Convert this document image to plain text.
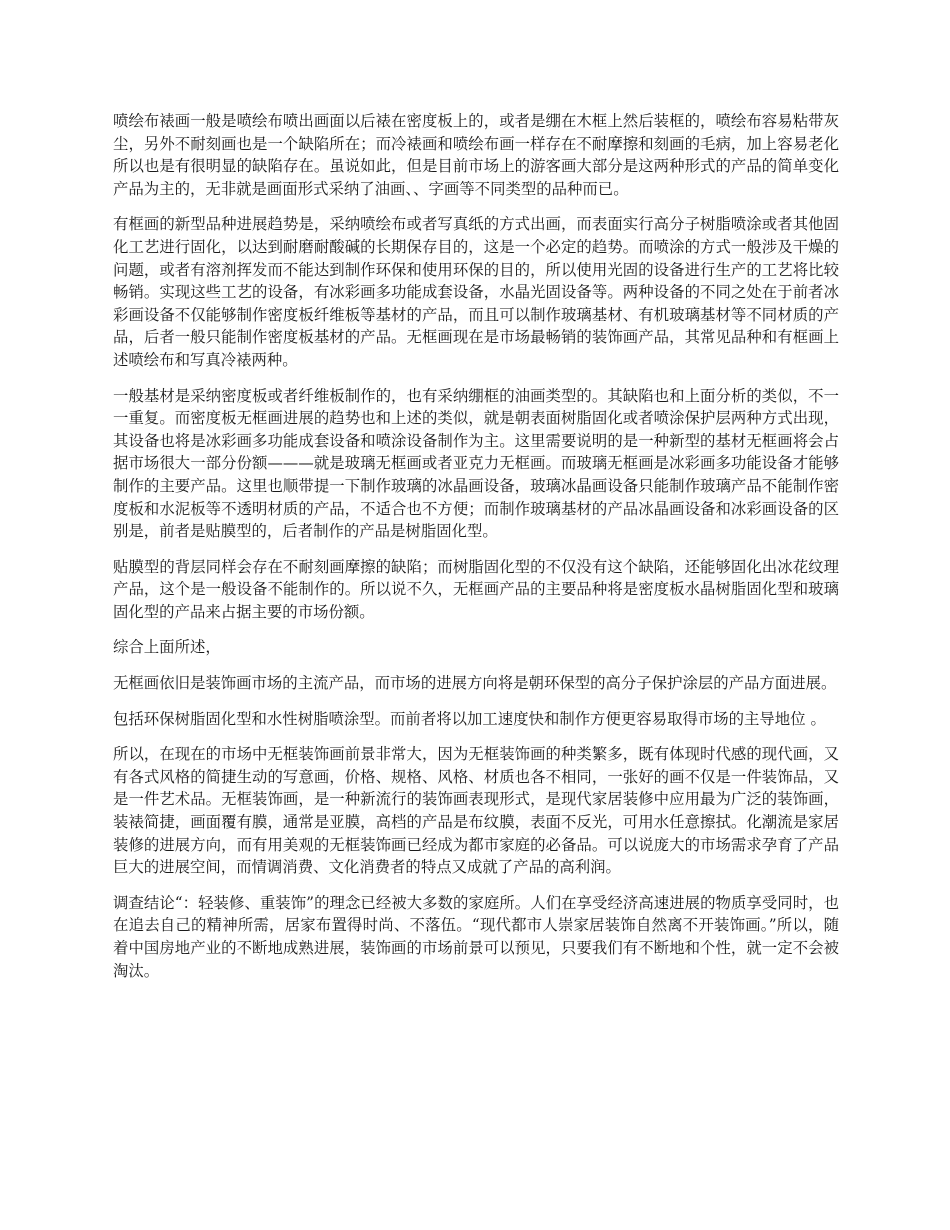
喷绘布裱画一般是喷绘布喷出画面以后裱在密度板上的，或者是绷在木框上然后装框的，喷绘布容易粘带灰尘，另外不耐刻画也是一个缺陷所在；而冷裱画和喷绘布画一样存在不耐摩擦和刻画的毛病，加上容易老化所以也是有很明显的缺陷存在。虽说如此，但是目前市场上的游客画大部分是这两种形式的产品的简单变化产品为主的，无非就是画面形式采纳了油画、、字画等不同类型的品种而已。

有框画的新型品种进展趋势是，采纳喷绘布或者写真纸的方式出画，而表面实行高分子树脂喷涂或者其他固化工艺进行固化，以达到耐磨耐酸碱的长期保存目的，这是一个必定的趋势。而喷涂的方式一般涉及干燥的问题，或者有溶剂挥发而不能达到制作环保和使用环保的目的，所以使用光固的设备进行生产的工艺将比较畅销。实现这些工艺的设备，有冰彩画多功能成套设备，水晶光固设备等。两种设备的不同之处在于前者冰彩画设备不仅能够制作密度板纤维板等基材的产品，而且可以制作玻璃基材、有机玻璃基材等不同材质的产品，后者一般只能制作密度板基材的产品。无框画现在是市场最畅销的装饰画产品，其常见品种和有框画上述喷绘布和写真冷裱两种。

一般基材是采纳密度板或者纤维板制作的，也有采纳绷框的油画类型的。其缺陷也和上面分析的类似，不一 一重复。而密度板无框画进展的趋势也和上述的类似，就是朝表面树脂固化或者喷涂保护层两种方式出现，其设备也将是冰彩画多功能成套设备和喷涂设备制作为主。这里需要说明的是一种新型的基材无框画将会占据市场很大一部分份额———就是玻璃无框画或者亚克力无框画。而玻璃无框画是冰彩画多功能设备才能够制作的主要产品。这里也顺带提一下制作玻璃的冰晶画设备，玻璃冰晶画设备只能制作玻璃产品不能制作密度板和水泥板等不透明材质的产品，不适合也不方便；而制作玻璃基材的产品冰晶画设备和冰彩画设备的区别是，前者是贴膜型的，后者制作的产品是树脂固化型。

贴膜型的背层同样会存在不耐刻画摩擦的缺陷；而树脂固化型的不仅没有这个缺陷，还能够固化出冰花纹理产品，这个是一般设备不能制作的。所以说不久，无框画产品的主要品种将是密度板水晶树脂固化型和玻璃固化型的产品来占据主要的市场份额。

综合上面所述，

无框画依旧是装饰画市场的主流产品，而市场的进展方向将是朝环保型的高分子保护涂层的产品方面进展。

包括环保树脂固化型和水性树脂喷涂型。而前者将以加工速度快和制作方便更容易取得市场的主导地位 。

所以，在现在的市场中无框装饰画前景非常大，因为无框装饰画的种类繁多，既有体现时代感的现代画，又有各式风格的简捷生动的写意画，价格、规格、风格、材质也各不相同，一张好的画不仅是一件装饰品，又是一件艺术品。无框装饰画，是一种新流行的装饰画表现形式，是现代家居装修中应用最为广泛的装饰画，装裱简捷，画面覆有膜，通常是亚膜，高档的产品是布纹膜，表面不反光，可用水任意擦拭。化潮流是家居装修的进展方向，而有用美观的无框装饰画已经成为都市家庭的必备品。可以说庞大的市场需求孕育了产品巨大的进展空间，而情调消费、文化消费者的特点又成就了产品的高利润。

调查结论“：轻装修、重装饰”的理念已经被大多数的家庭所。人们在享受经济高速进展的物质享受同时，也在追去自己的精神所需，居家布置得时尚、不落伍。“现代都市人崇家居装饰自然离不开装饰画。”所以，随着中国房地产业的不断地成熟进展，装饰画的市场前景可以预见，只要我们有不断地和个性，就一定不会被淘汰。
